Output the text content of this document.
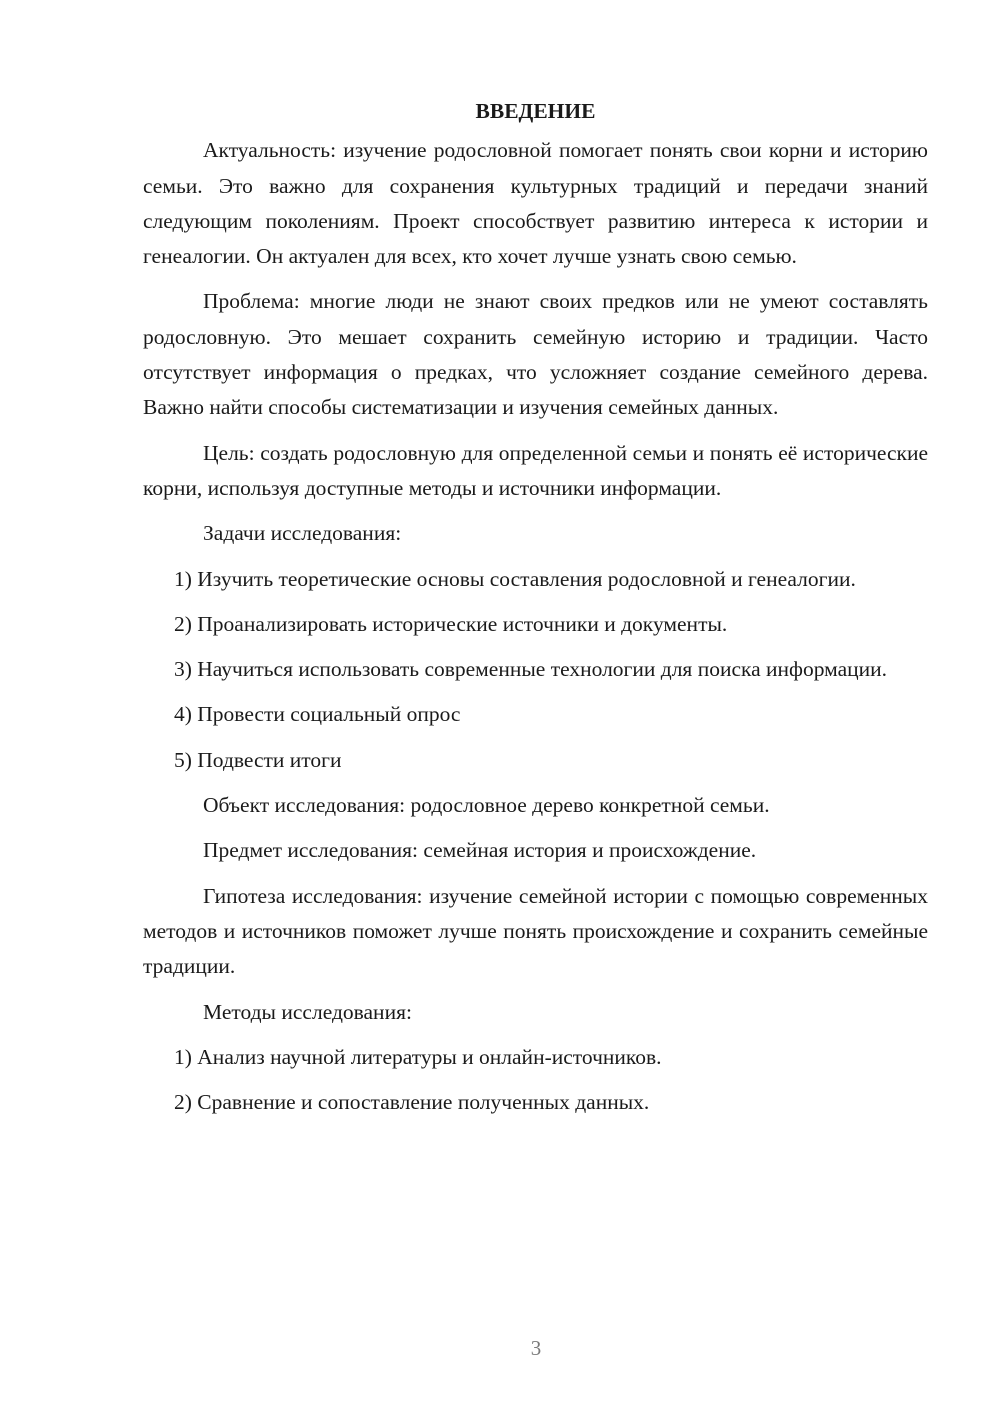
ВВЕДЕНИЕ

Актуальность: изучение родословной помогает понять свои корни и историю семьи. Это важно для сохранения культурных традиций и передачи знаний следующим поколениям. Проект способствует развитию интереса к истории и генеалогии. Он актуален для всех, кто хочет лучше узнать свою семью.

Проблема: многие люди не знают своих предков или не умеют составлять родословную. Это мешает сохранить семейную историю и традиции. Часто отсутствует информация о предках, что усложняет создание семейного дерева. Важно найти способы систематизации и изучения семейных данных.

Цель: создать родословную для определенной семьи и понять её исторические корни, используя доступные методы и источники информации.

Задачи исследования:

1) Изучить теоретические основы составления родословной и генеалогии.

2) Проанализировать исторические источники и документы.

3) Научиться использовать современные технологии для поиска информации.

4) Провести социальный опрос

5) Подвести итоги

Объект исследования: родословное дерево конкретной семьи.

Предмет исследования: семейная история и происхождение.

Гипотеза исследования: изучение семейной истории с помощью современных методов и источников поможет лучше понять происхождение и сохранить семейные традиции.

Методы исследования:

1) Анализ научной литературы и онлайн-источников.

2) Сравнение и сопоставление полученных данных.

3
